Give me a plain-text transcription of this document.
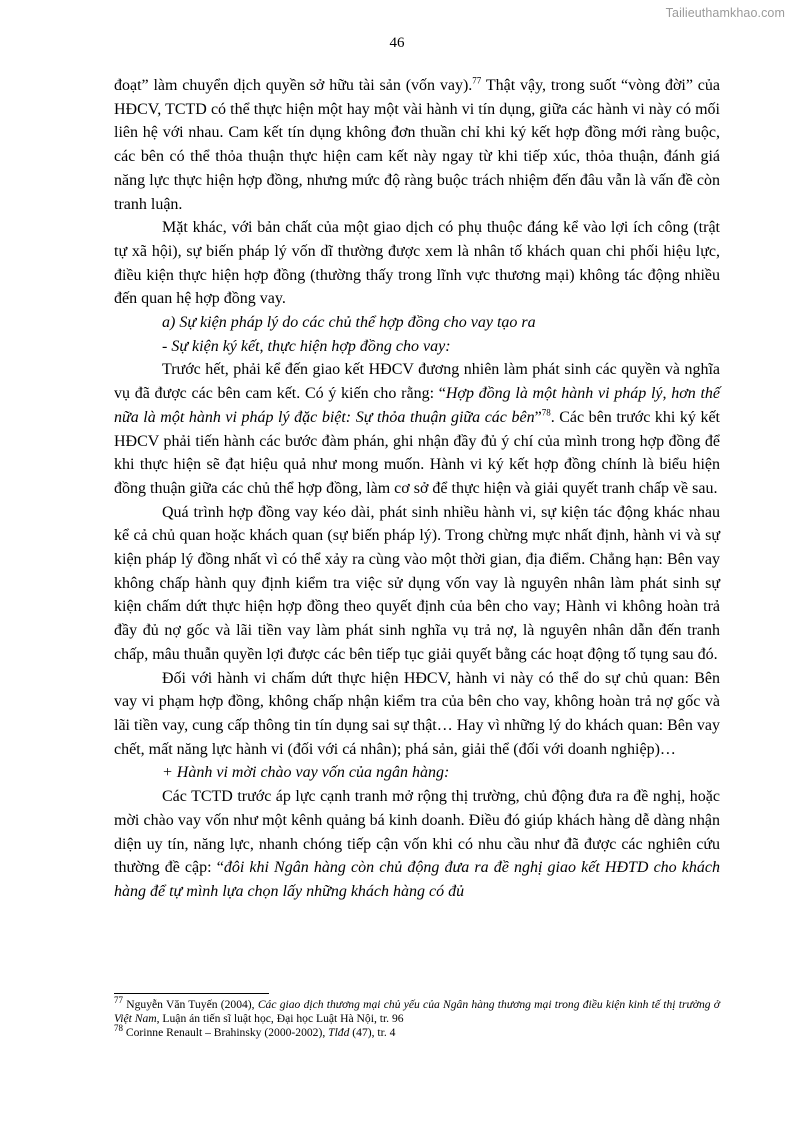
Tailieuthamkhao.com
46

đoạt” làm chuyển dịch quyền sở hữu tài sản (vốn vay).$^{77}$ Thật vậy, trong suốt “vòng đời” của HĐCV, TCTD có thể thực hiện một hay một vài hành vi tín dụng, giữa các hành vi này có mối liên hệ với nhau. Cam kết tín dụng không đơn thuần chỉ khi ký kết hợp đồng mới ràng buộc, các bên có thể thỏa thuận thực hiện cam kết này ngay từ khi tiếp xúc, thỏa thuận, đánh giá năng lực thực hiện hợp đồng, nhưng mức độ ràng buộc trách nhiệm đến đâu vẫn là vấn đề còn tranh luận.

Mặt khác, với bản chất của một giao dịch có phụ thuộc đáng kể vào lợi ích công (trật tự xã hội), sự biến pháp lý vốn dĩ thường được xem là nhân tố khách quan chi phối hiệu lực, điều kiện thực hiện hợp đồng (thường thấy trong lĩnh vực thương mại) không tác động nhiều đến quan hệ hợp đồng vay.

a) Sự kiện pháp lý do các chủ thể hợp đồng cho vay tạo ra

- Sự kiện ký kết, thực hiện hợp đồng cho vay:

Trước hết, phải kể đến giao kết HĐCV đương nhiên làm phát sinh các quyền và nghĩa vụ đã được các bên cam kết. Có ý kiến cho rằng: “Hợp đồng là một hành vi pháp lý, hơn thế nữa là một hành vi pháp lý đặc biệt: Sự thỏa thuận giữa các bên”$^{78}$. Các bên trước khi ký kết HĐCV phải tiến hành các bước đàm phán, ghi nhận đầy đủ ý chí của mình trong hợp đồng để khi thực hiện sẽ đạt hiệu quả như mong muốn. Hành vi ký kết hợp đồng chính là biểu hiện đồng thuận giữa các chủ thể hợp đồng, làm cơ sở để thực hiện và giải quyết tranh chấp về sau.

Quá trình hợp đồng vay kéo dài, phát sinh nhiều hành vi, sự kiện tác động khác nhau kể cả chủ quan hoặc khách quan (sự biến pháp lý). Trong chừng mực nhất định, hành vi và sự kiện pháp lý đồng nhất vì có thể xảy ra cùng vào một thời gian, địa điểm. Chẳng hạn: Bên vay không chấp hành quy định kiểm tra việc sử dụng vốn vay là nguyên nhân làm phát sinh sự kiện chấm dứt thực hiện hợp đồng theo quyết định của bên cho vay; Hành vi không hoàn trả đầy đủ nợ gốc và lãi tiền vay làm phát sinh nghĩa vụ trả nợ, là nguyên nhân dẫn đến tranh chấp, mâu thuẫn quyền lợi được các bên tiếp tục giải quyết bằng các hoạt động tố tụng sau đó.

Đối với hành vi chấm dứt thực hiện HĐCV, hành vi này có thể do sự chủ quan: Bên vay vi phạm hợp đồng, không chấp nhận kiểm tra của bên cho vay, không hoàn trả nợ gốc và lãi tiền vay, cung cấp thông tin tín dụng sai sự thật… Hay vì những lý do khách quan: Bên vay chết, mất năng lực hành vi (đối với cá nhân); phá sản, giải thể (đối với doanh nghiệp)…

+ Hành vi mời chào vay vốn của ngân hàng:

Các TCTD trước áp lực cạnh tranh mở rộng thị trường, chủ động đưa ra đề nghị, hoặc mời chào vay vốn như một kênh quảng bá kinh doanh. Điều đó giúp khách hàng dễ dàng nhận diện uy tín, năng lực, nhanh chóng tiếp cận vốn khi có nhu cầu như đã được các nghiên cứu thường đề cập: “đôi khi Ngân hàng còn chủ động đưa ra đề nghị giao kết HĐTD cho khách hàng để tự mình lựa chọn lấy những khách hàng có đủ

$^{77}$ Nguyễn Văn Tuyến (2004), Các giao dịch thương mại chủ yếu của Ngân hàng thương mại trong điều kiện kinh tế thị trường ở Việt Nam, Luận án tiến sĩ luật học, Đại học Luật Hà Nội, tr. 96

$^{78}$ Corinne Renault – Brahinsky (2000-2002), Tlđd (47), tr. 4
